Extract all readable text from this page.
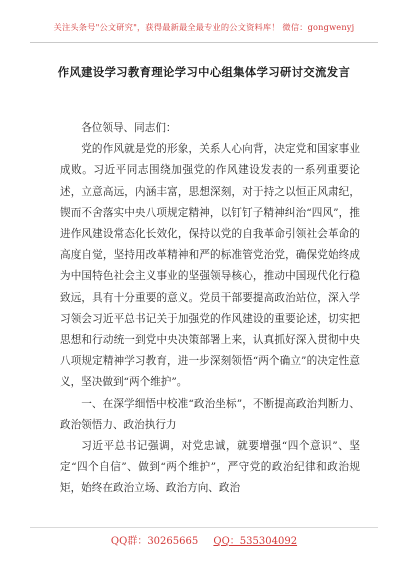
关注头条号"公文研究"，获得最新最全最专业的公文资料库！ 微信：gongwenyj
作风建设学习教育理论学习中心组集体学习研讨交流发言

各位领导、同志们：

党的作风就是党的形象，关系人心向背，决定党和国家事业成败。习近平同志围绕加强党的作风建设发表的一系列重要论述，立意高远，内涵丰富，思想深刻，对于持之以恒正风肃纪，锲而不舍落实中央八项规定精神，以钉钉子精神纠治“四风”，推进作风建设常态化长效化，保持以党的自我革命引领社会革命的高度自觉，坚持用改革精神和严的标准管党治党，确保党始终成为中国特色社会主义事业的坚强领导核心，推动中国现代化行稳致远，具有十分重要的意义。党员干部要提高政治站位，深入学习领会习近平总书记关于加强党的作风建设的重要论述，切实把思想和行动统一到党中央决策部署上来，认真抓好深入贯彻中央八项规定精神学习教育，进一步深刻领悟“两个确立”的决定性意义，坚决做到“两个维护”。

一、在深学细悟中校准“政治坐标”，不断提高政治判断力、政治领悟力、政治执行力

习近平总书记强调，对党忠诚，就要增强“四个意识”、坚定“四个自信”、做到“两个维护”，严守党的政治纪律和政治规矩，始终在政治立场、政治方向、政治

QQ群：30265665 QQ：535304092
